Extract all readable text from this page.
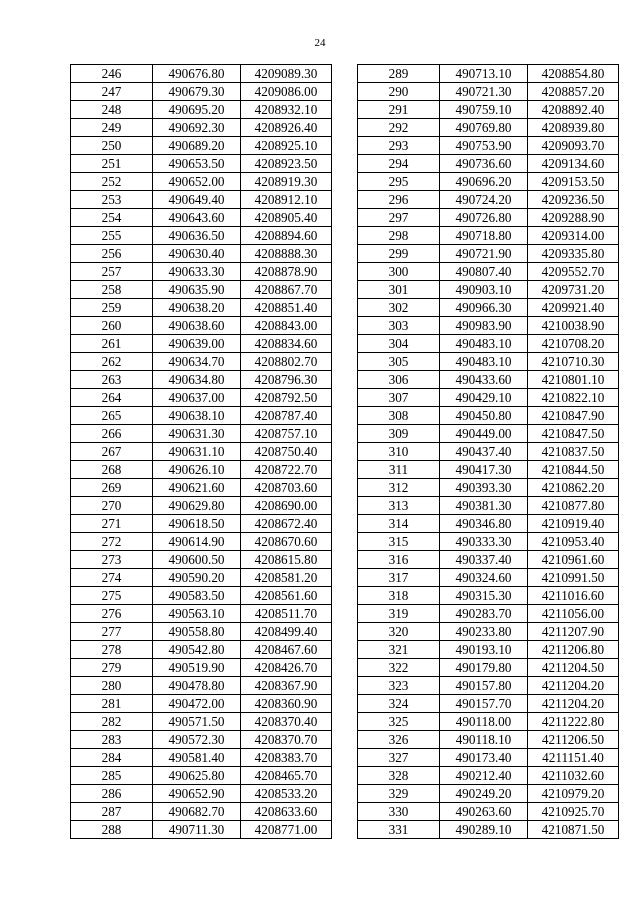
24
246	490676.80	4209089.30
247	490679.30	4209086.00
248	490695.20	4208932.10
249	490692.30	4208926.40
250	490689.20	4208925.10
251	490653.50	4208923.50
252	490652.00	4208919.30
253	490649.40	4208912.10
254	490643.60	4208905.40
255	490636.50	4208894.60
256	490630.40	4208888.30
257	490633.30	4208878.90
258	490635.90	4208867.70
259	490638.20	4208851.40
260	490638.60	4208843.00
261	490639.00	4208834.60
262	490634.70	4208802.70
263	490634.80	4208796.30
264	490637.00	4208792.50
265	490638.10	4208787.40
266	490631.30	4208757.10
267	490631.10	4208750.40
268	490626.10	4208722.70
269	490621.60	4208703.60
270	490629.80	4208690.00
271	490618.50	4208672.40
272	490614.90	4208670.60
273	490600.50	4208615.80
274	490590.20	4208581.20
275	490583.50	4208561.60
276	490563.10	4208511.70
277	490558.80	4208499.40
278	490542.80	4208467.60
279	490519.90	4208426.70
280	490478.80	4208367.90
281	490472.00	4208360.90
282	490571.50	4208370.40
283	490572.30	4208370.70
284	490581.40	4208383.70
285	490625.80	4208465.70
286	490652.90	4208533.20
287	490682.70	4208633.60
288	490711.30	4208771.00
289	490713.10	4208854.80
290	490721.30	4208857.20
291	490759.10	4208892.40
292	490769.80	4208939.80
293	490753.90	4209093.70
294	490736.60	4209134.60
295	490696.20	4209153.50
296	490724.20	4209236.50
297	490726.80	4209288.90
298	490718.80	4209314.00
299	490721.90	4209335.80
300	490807.40	4209552.70
301	490903.10	4209731.20
302	490966.30	4209921.40
303	490983.90	4210038.90
304	490483.10	4210708.20
305	490483.10	4210710.30
306	490433.60	4210801.10
307	490429.10	4210822.10
308	490450.80	4210847.90
309	490449.00	4210847.50
310	490437.40	4210837.50
311	490417.30	4210844.50
312	490393.30	4210862.20
313	490381.30	4210877.80
314	490346.80	4210919.40
315	490333.30	4210953.40
316	490337.40	4210961.60
317	490324.60	4210991.50
318	490315.30	4211016.60
319	490283.70	4211056.00
320	490233.80	4211207.90
321	490193.10	4211206.80
322	490179.80	4211204.50
323	490157.80	4211204.20
324	490157.70	4211204.20
325	490118.00	4211222.80
326	490118.10	4211206.50
327	490173.40	4211151.40
328	490212.40	4211032.60
329	490249.20	4210979.20
330	490263.60	4210925.70
331	490289.10	4210871.50
